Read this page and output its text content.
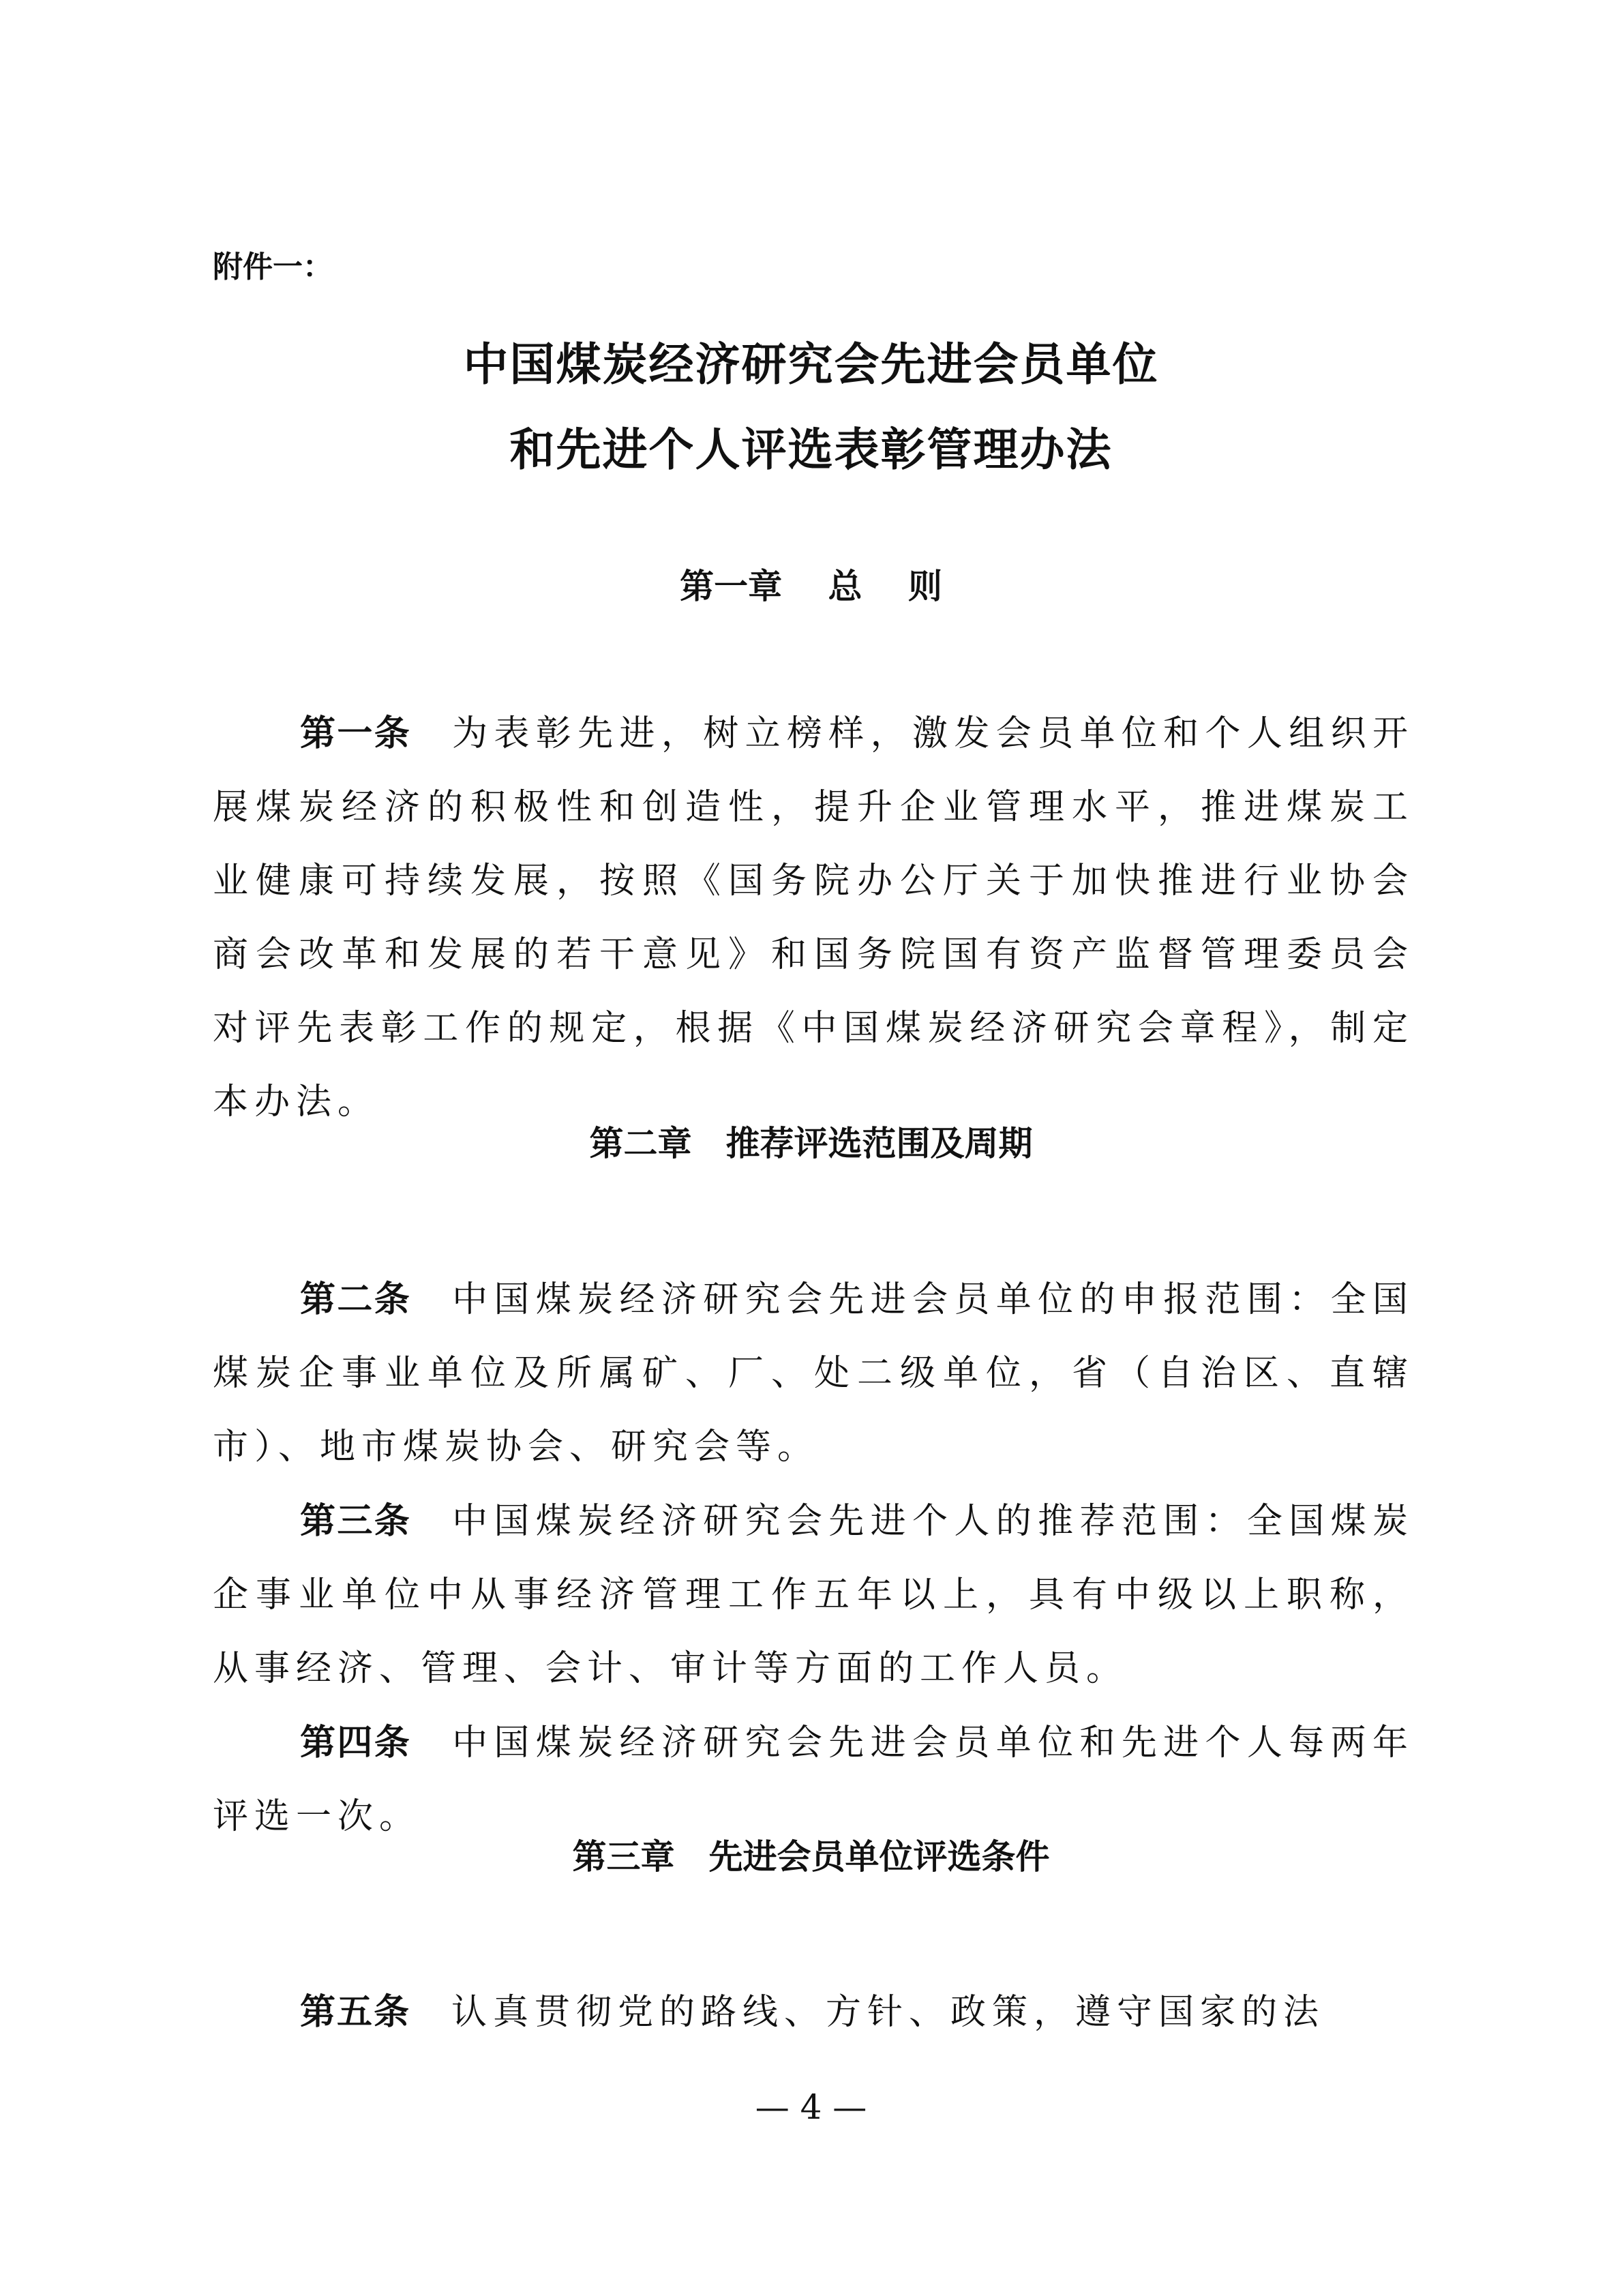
附件一：
中国煤炭经济研究会先进会员单位
和先进个人评选表彰管理办法
第一章　 总　 则

第一条 为表彰先进，树立榜样，激发会员单位和个人组织开展煤炭经济的积极性和创造性，提升企业管理水平，推进煤炭工业健康可持续发展，按照《国务院办公厅关于加快推进行业协会商会改革和发展的若干意见》和国务院国有资产监督管理委员会对评先表彰工作的规定，根据《中国煤炭经济研究会章程》，制定本办法。

第二章　推荐评选范围及周期

第二条 中国煤炭经济研究会先进会员单位的申报范围：全国煤炭企事业单位及所属矿、厂、处二级单位，省（自治区、直辖市）、地市煤炭协会、研究会等。

第三条 中国煤炭经济研究会先进个人的推荐范围：全国煤炭企事业单位中从事经济管理工作五年以上，具有中级以上职称，从事经济、管理、会计、审计等方面的工作人员。

第四条 中国煤炭经济研究会先进会员单位和先进个人每两年评选一次。

第三章　先进会员单位评选条件

第五条 认真贯彻党的路线、方针、政策，遵守国家的法

— 4 —
